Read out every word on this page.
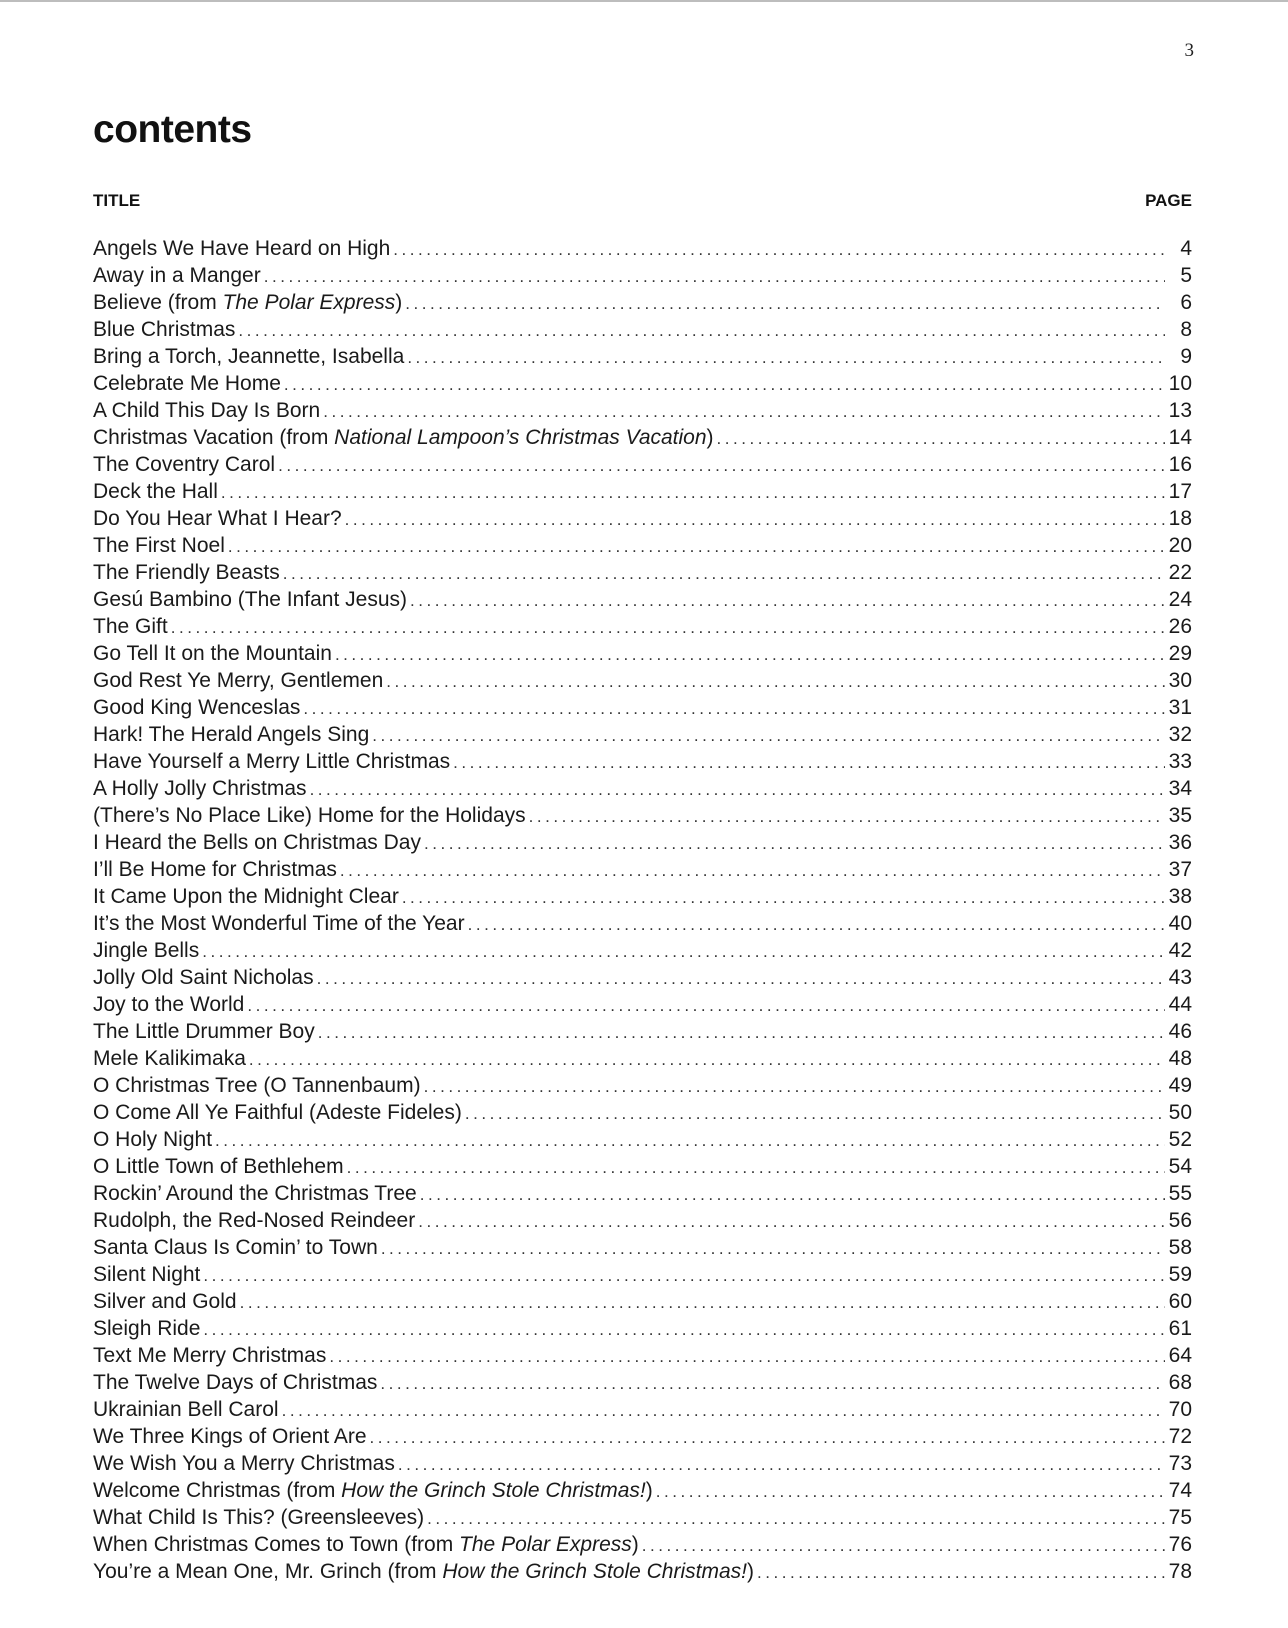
3
contents
TITLE	PAGE
Angels We Have Heard on High . . .	4
Away in a Manger . . .	5
Believe (from The Polar Express) . . .	6
Blue Christmas . . .	8
Bring a Torch, Jeannette, Isabella . . .	9
Celebrate Me Home . . .	10
A Child This Day Is Born . . .	13
Christmas Vacation (from National Lampoon’s Christmas Vacation) . . .	14
The Coventry Carol . . .	16
Deck the Hall . . .	17
Do You Hear What I Hear? . . .	18
The First Noel . . .	20
The Friendly Beasts . . .	22
Gesú Bambino (The Infant Jesus) . . .	24
The Gift . . .	26
Go Tell It on the Mountain . . .	29
God Rest Ye Merry, Gentlemen . . .	30
Good King Wenceslas . . .	31
Hark! The Herald Angels Sing . . .	32
Have Yourself a Merry Little Christmas . . .	33
A Holly Jolly Christmas . . .	34
(There’s No Place Like) Home for the Holidays . . .	35
I Heard the Bells on Christmas Day . . .	36
I’ll Be Home for Christmas . . .	37
It Came Upon the Midnight Clear . . .	38
It’s the Most Wonderful Time of the Year . . .	40
Jingle Bells . . .	42
Jolly Old Saint Nicholas . . .	43
Joy to the World . . .	44
The Little Drummer Boy . . .	46
Mele Kalikimaka . . .	48
O Christmas Tree (O Tannenbaum) . . .	49
O Come All Ye Faithful (Adeste Fideles) . . .	50
O Holy Night . . .	52
O Little Town of Bethlehem . . .	54
Rockin’ Around the Christmas Tree . . .	55
Rudolph, the Red-Nosed Reindeer . . .	56
Santa Claus Is Comin’ to Town . . .	58
Silent Night . . .	59
Silver and Gold . . .	60
Sleigh Ride . . .	61
Text Me Merry Christmas . . .	64
The Twelve Days of Christmas . . .	68
Ukrainian Bell Carol . . .	70
We Three Kings of Orient Are . . .	72
We Wish You a Merry Christmas . . .	73
Welcome Christmas (from How the Grinch Stole Christmas!) . . .	74
What Child Is This? (Greensleeves) . . .	75
When Christmas Comes to Town (from The Polar Express) . . .	76
You’re a Mean One, Mr. Grinch (from How the Grinch Stole Christmas!) . . .	78
